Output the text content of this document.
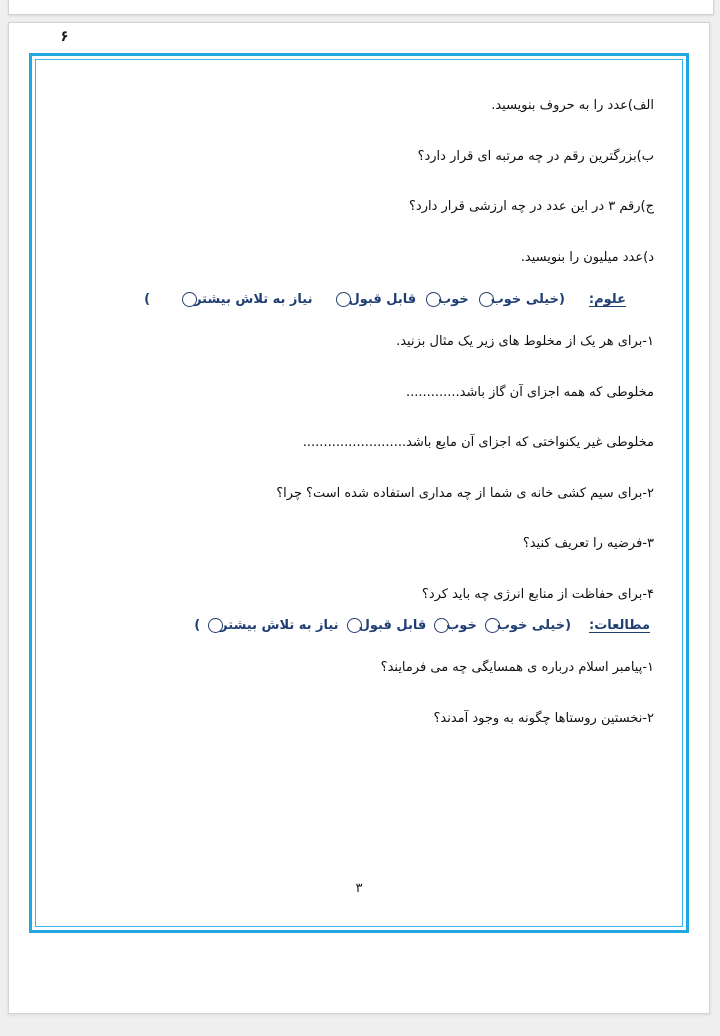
۶
الف)عدد را به حروف بنویسید.
ب)بزرگترین رقم در چه مرتبه ای قرار دارد؟
ج)رقم ۳ در این عدد در چه ارزشی قرار دارد؟
د)عدد میلیون را بنویسید.
علوم:
(
خیلی خوب
خوب
قابل قبول
نیاز به تلاش بیشتر
)
۱-برای هر یک از مخلوط های زیر یک مثال بزنید.
مخلوطی که همه اجزای آن گاز باشد.............
مخلوطی غیر یکنواختی که اجزای آن مایع باشد.........................
۲-برای سیم کشی خانه ی شما از چه مداری استفاده شده است؟ چرا؟
۳-فرضیه را تعریف کنید؟
۴-برای حفاظت از منابع انرژی چه باید کرد؟
مطالعات:
(
خیلی خوب
خوب
قابل قبول
نیاز به تلاش بیشتر
)
۱-پیامبر اسلام درباره ی همسایگی چه می فرمایند؟
۲-نخستین روستاها چگونه به وجود آمدند؟
۳
